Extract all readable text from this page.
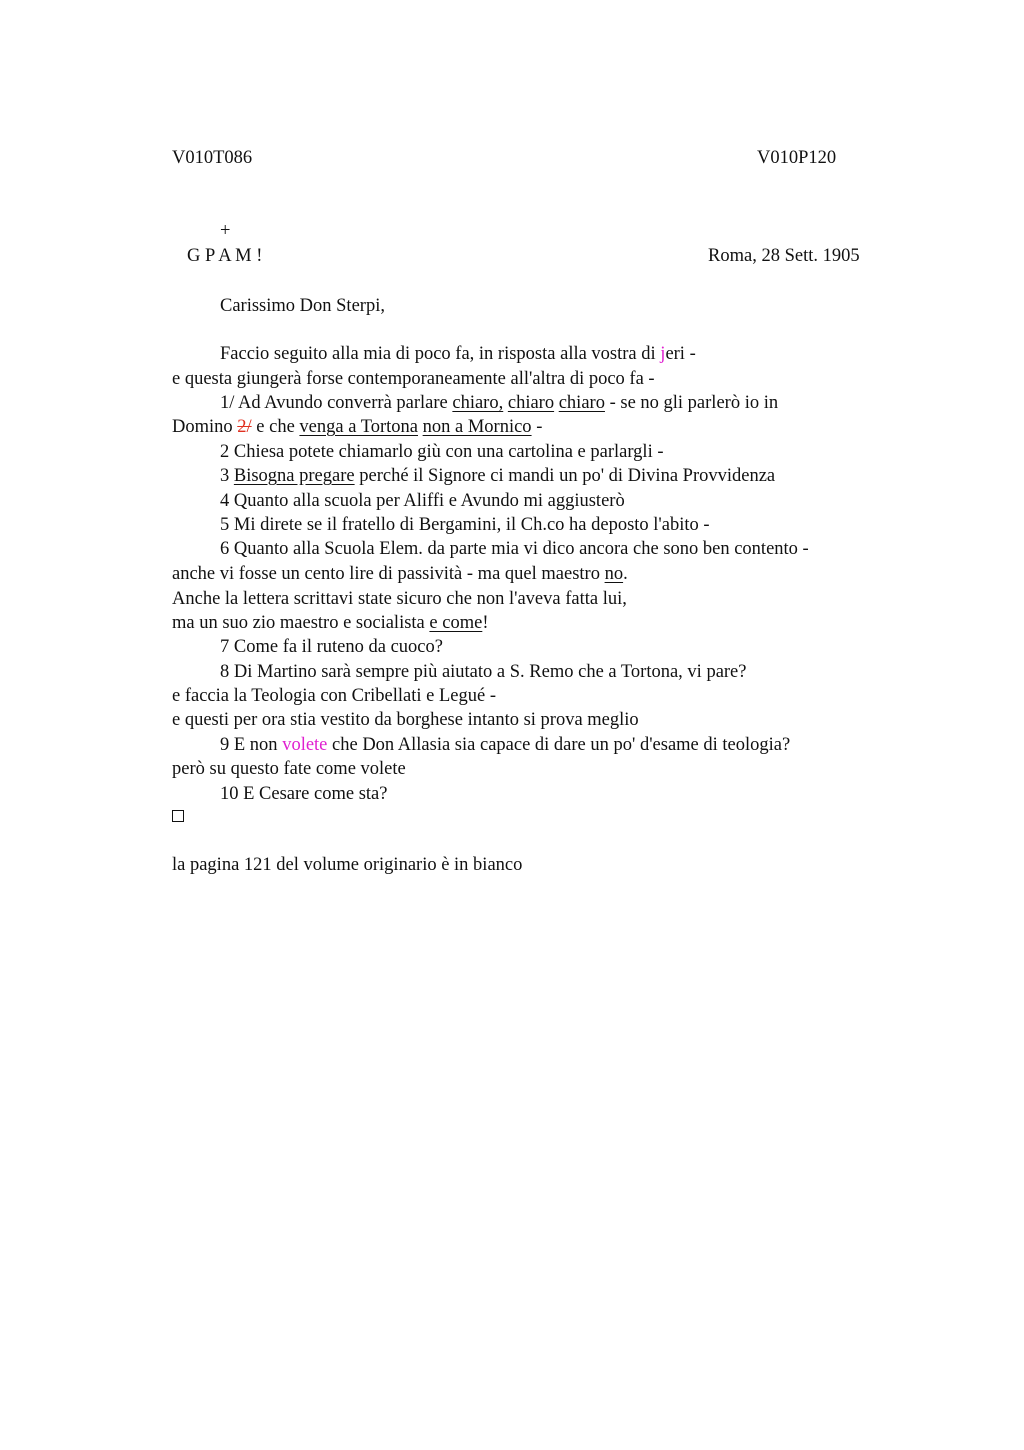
V010T086	V010P120
+
G P A M !	Roma, 28 Sett. 1905
Carissimo Don Sterpi,
Faccio seguito alla mia di poco fa, in risposta alla vostra di jeri -
e questa giungerà forse contemporaneamente all'altra di poco fa -
1/ Ad Avundo converrà parlare chiaro, chiaro chiaro - se no gli parlerò io in
Domino 2/ e che venga a Tortona non a Mornico -
2 Chiesa potete chiamarlo giù con una cartolina e parlargli -
3 Bisogna pregare perché il Signore ci mandi un po' di Divina Provvidenza
4 Quanto alla scuola per Aliffi e Avundo mi aggiusterò
5 Mi direte se il fratello di Bergamini, il Ch.co ha deposto l'abito -
6 Quanto alla Scuola Elem. da parte mia vi dico ancora che sono ben contento -
anche vi fosse un cento lire di passività - ma quel maestro no.
Anche la lettera scrittavi state sicuro che non l'aveva fatta lui,
ma un suo zio maestro e socialista e come!
7 Come fa il ruteno da cuoco?
8 Di Martino sarà sempre più aiutato a S. Remo che a Tortona, vi pare?
e faccia la Teologia con Cribellati e Legué -
e questi per ora stia vestito da borghese intanto si prova meglio
9 E non volete che Don Allasia sia capace di dare un po' d'esame di teologia?
però su questo fate come volete
10 E Cesare come sta?
la pagina 121 del volume originario è in bianco
